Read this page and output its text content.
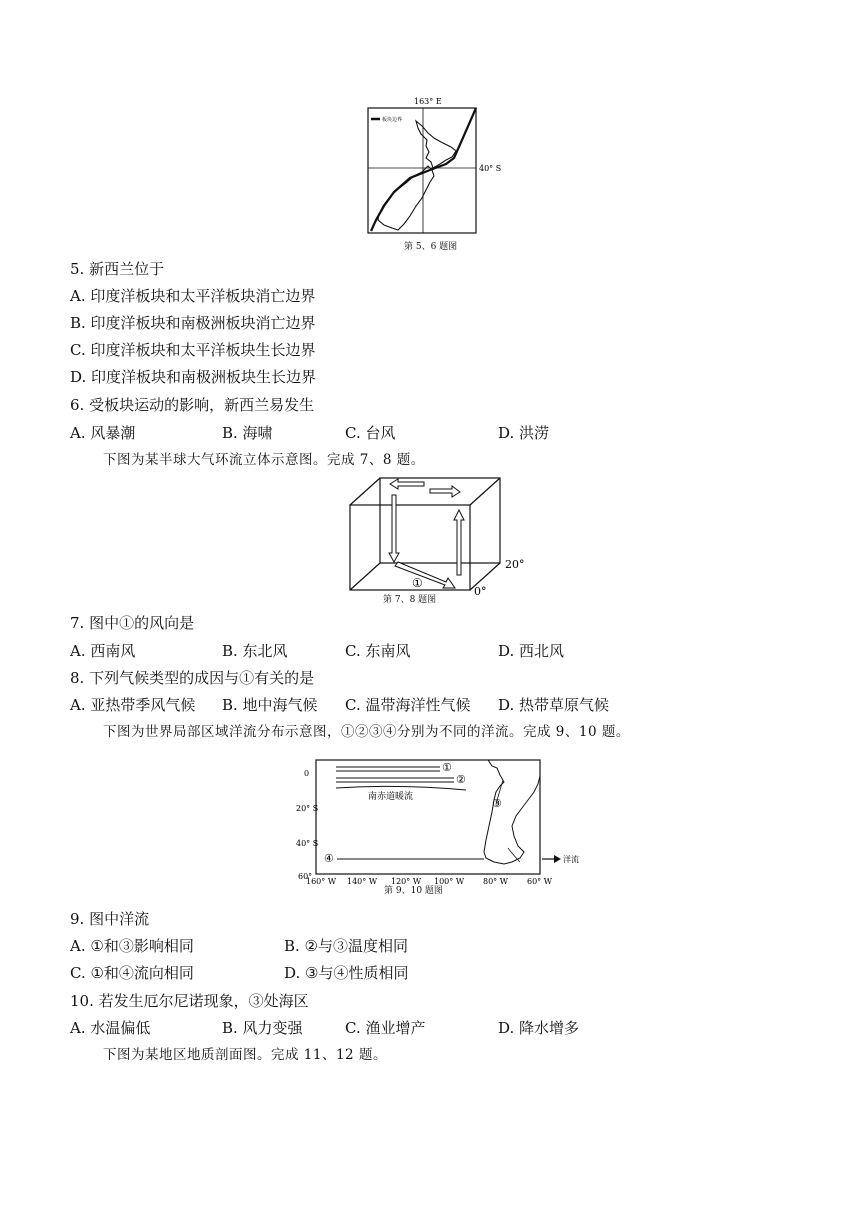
163° E
40° S
板块边界
第 5、6 题图
5. 新西兰位于
A. 印度洋板块和太平洋板块消亡边界
B. 印度洋板块和南极洲板块消亡边界
C. 印度洋板块和太平洋板块生长边界
D. 印度洋板块和南极洲板块生长边界
6. 受板块运动的影响，新西兰易发生
A. 风暴潮	B. 海啸	C. 台风	D. 洪涝
下图为某半球大气环流立体示意图。完成 7、8 题。
20°
0°
①
第 7、8 题图
7. 图中①的风向是
A. 西南风	B. 东北风	C. 东南风	D. 西北风
8. 下列气候类型的成因与①有关的是
A. 亚热带季风气候 B. 地中海气候 C. 温带海洋性气候 D. 热带草原气候
下图为世界局部区域洋流分布示意图，①②③④分别为不同的洋流。完成 9、10 题。
0
20° S
40° S
60°
160° W 140° W 120° W 100° W 80° W 60° W
南赤道暖流
①
②
③
④	洋流
第 9、10 题图
9. 图中洋流
A. ①和③影响相同	B. ②与③温度相同
C. ①和④流向相同	D. ③与④性质相同
10. 若发生厄尔尼诺现象，③处海区
A. 水温偏低	B. 风力变强	C. 渔业增产	D. 降水增多
下图为某地区地质剖面图。完成 11、12 题。
